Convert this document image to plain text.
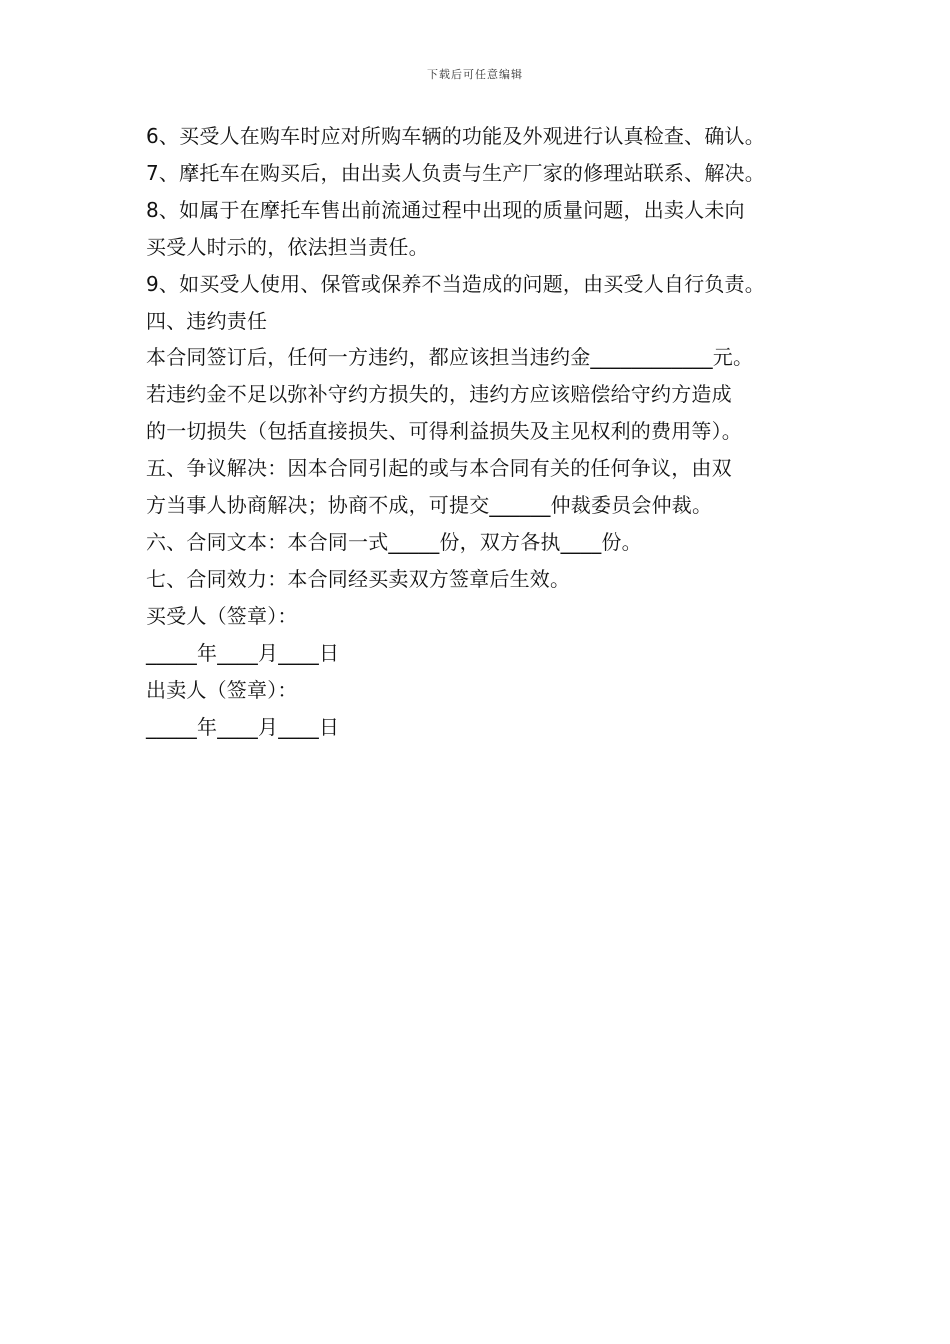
下载后可任意编辑
6、买受人在购车时应对所购车辆的功能及外观进行认真检查、确认。
7、摩托车在购买后，由出卖人负责与生产厂家的修理站联系、解决。
8、如属于在摩托车售出前流通过程中出现的质量问题，出卖人未向
买受人时示的，依法担当责任。
9、如买受人使用、保管或保养不当造成的问题，由买受人自行负责。
四、违约责任
本合同签订后，任何一方违约，都应该担当违约金____________元。
若违约金不足以弥补守约方损失的，违约方应该赔偿给守约方造成
的一切损失（包括直接损失、可得利益损失及主见权利的费用等）。
五、争议解决：因本合同引起的或与本合同有关的任何争议，由双
方当事人协商解决；协商不成，可提交______仲裁委员会仲裁。
六、合同文本：本合同一式_____份，双方各执____份。
七、合同效力：本合同经买卖双方签章后生效。
买受人（签章）：
_____年____月____日
出卖人（签章）：
_____年____月____日
